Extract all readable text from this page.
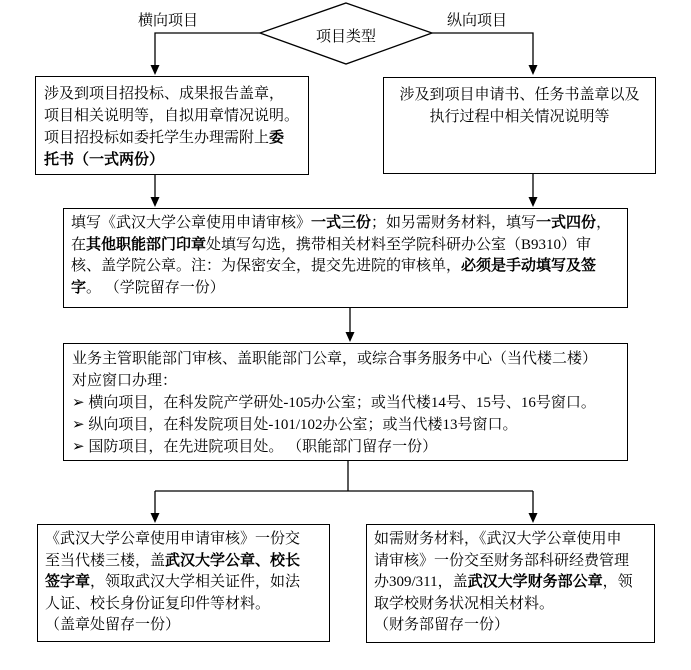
项目类型
横向项目	纵向项目
涉及到项目招投标、成果报告盖章，
项目相关说明等，自拟用章情况说明。
项目招投标如委托学生办理需附上委
托书（一式两份）
涉及到项目申请书、任务书盖章以及
执行过程中相关情况说明等
填写《武汉大学公章使用申请审核》一式三份；如另需财务材料，填写一式四份，
在其他职能部门印章处填写勾选，携带相关材料至学院科研办公室（B9310）审
核、盖学院公章。注：为保密安全，提交先进院的审核单，必须是手动填写及签
字。 （学院留存一份）
业务主管职能部门审核、盖职能部门公章，或综合事务服务中心（当代楼二楼）
对应窗口办理：
➢ 横向项目，在科发院产学研处-105办公室；或当代楼14号、15号、16号窗口。
➢ 纵向项目，在科发院项目处-101/102办公室；或当代楼13号窗口。
➢ 国防项目，在先进院项目处。 （职能部门留存一份）
《武汉大学公章使用申请审核》一份交
至当代楼三楼，盖武汉大学公章、校长
签字章，领取武汉大学相关证件，如法
人证、校长身份证复印件等材料。
（盖章处留存一份）
如需财务材料，《武汉大学公章使用申
请审核》一份交至财务部科研经费管理
办309/311，盖武汉大学财务部公章，领
取学校财务状况相关材料。
（财务部留存一份）
